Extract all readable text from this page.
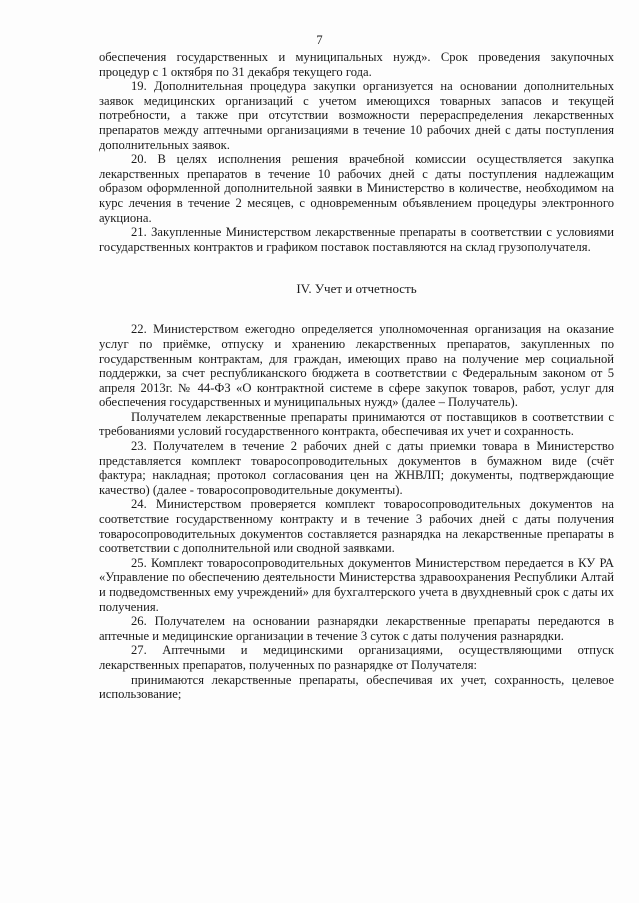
7

обеспечения государственных и муниципальных нужд». Срок проведения закупочных процедур с 1 октября по 31 декабря текущего года.

19. Дополнительная процедура закупки организуется на основании дополнительных заявок медицинских организаций с учетом имеющихся товарных запасов и текущей потребности, а также при отсутствии возможности перераспределения лекарственных препаратов между аптечными организациями в течение 10 рабочих дней с даты поступления дополнительных заявок.

20. В целях исполнения решения врачебной комиссии осуществляется закупка лекарственных препаратов в течение 10 рабочих дней с даты поступления надлежащим образом оформленной дополнительной заявки в Министерство в количестве, необходимом на курс лечения в течение 2 месяцев, с одновременным объявлением процедуры электронного аукциона.

21. Закупленные Министерством лекарственные препараты в соответствии с условиями государственных контрактов и графиком поставок поставляются на склад грузополучателя.

IV. Учет и отчетность

22. Министерством ежегодно определяется уполномоченная организация на оказание услуг по приёмке, отпуску и хранению лекарственных препаратов, закупленных по государственным контрактам, для граждан, имеющих право на получение мер социальной поддержки, за счет республиканского бюджета в соответствии с Федеральным законом от 5 апреля 2013г. № 44-ФЗ «О контрактной системе в сфере закупок товаров, работ, услуг для обеспечения государственных и муниципальных нужд» (далее – Получатель).

Получателем лекарственные препараты принимаются от поставщиков в соответствии с требованиями условий государственного контракта, обеспечивая их учет и сохранность.

23. Получателем в течение 2 рабочих дней с даты приемки товара в Министерство представляется комплект товаросопроводительных документов в бумажном виде (счёт фактура; накладная; протокол согласования цен на ЖНВЛП; документы, подтверждающие качество) (далее - товаросопроводительные документы).

24. Министерством проверяется комплект товаросопроводительных документов на соответствие государственному контракту и в течение 3 рабочих дней с даты получения товаросопроводительных документов составляется разнарядка на лекарственные препараты в соответствии с дополнительной или сводной заявками.

25. Комплект товаросопроводительных документов Министерством передается в КУ РА «Управление по обеспечению деятельности Министерства здравоохранения Республики Алтай и подведомственных ему учреждений» для бухгалтерского учета в двухдневный срок с даты их получения.

26. Получателем на основании разнарядки лекарственные препараты передаются в аптечные и медицинские организации в течение 3 суток с даты получения разнарядки.

27. Аптечными и медицинскими организациями, осуществляющими отпуск лекарственных препаратов, полученных по разнарядке от Получателя:

принимаются лекарственные препараты, обеспечивая их учет, сохранность, целевое использование;
